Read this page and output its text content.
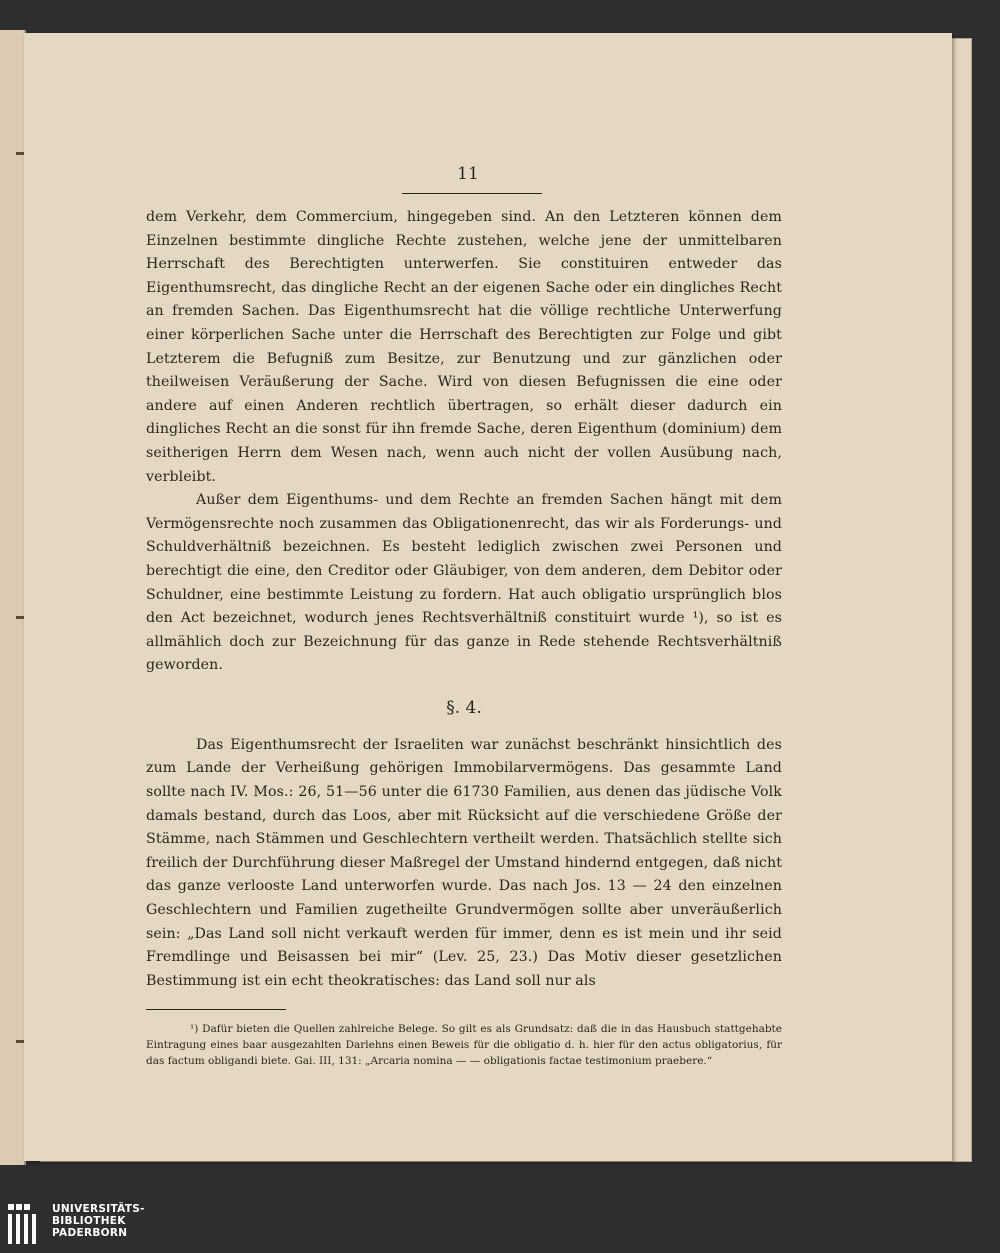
11

dem Verkehr, dem Commercium, hingegeben sind. An den Letzteren können dem Einzelnen bestimmte dingliche Rechte zustehen, welche jene der unmittelbaren Herrschaft des Berechtigten unterwerfen. Sie constituiren entweder das Eigenthumsrecht, das dingliche Recht an der eigenen Sache oder ein dingliches Recht an fremden Sachen. Das Eigenthumsrecht hat die völlige rechtliche Unterwerfung einer körperlichen Sache unter die Herrschaft des Berechtigten zur Folge und gibt Letzterem die Befugniß zum Besitze, zur Benutzung und zur gänzlichen oder theilweisen Veräußerung der Sache. Wird von diesen Befugnissen die eine oder andere auf einen Anderen rechtlich übertragen, so erhält dieser dadurch ein dingliches Recht an die sonst für ihn fremde Sache, deren Eigenthum (dominium) dem seitherigen Herrn dem Wesen nach, wenn auch nicht der vollen Ausübung nach, verbleibt.

Außer dem Eigenthums- und dem Rechte an fremden Sachen hängt mit dem Vermögensrechte noch zusammen das Obligationenrecht, das wir als Forderungs- und Schuldverhältniß bezeichnen. Es besteht lediglich zwischen zwei Personen und berechtigt die eine, den Creditor oder Gläubiger, von dem anderen, dem Debitor oder Schuldner, eine bestimmte Leistung zu fordern. Hat auch obligatio ursprünglich blos den Act bezeichnet, wodurch jenes Rechtsverhältniß constituirt wurde ¹), so ist es allmählich doch zur Bezeichnung für das ganze in Rede stehende Rechtsverhältniß geworden.

§. 4.

Das Eigenthumsrecht der Israeliten war zunächst beschränkt hinsichtlich des zum Lande der Verheißung gehörigen Immobilarvermögens. Das gesammte Land sollte nach IV. Mos.: 26, 51—56 unter die 61730 Familien, aus denen das jüdische Volk damals bestand, durch das Loos, aber mit Rücksicht auf die verschiedene Größe der Stämme, nach Stämmen und Geschlechtern vertheilt werden. Thatsächlich stellte sich freilich der Durchführung dieser Maßregel der Umstand hindernd entgegen, daß nicht das ganze verlooste Land unterworfen wurde. Das nach Jos. 13 — 24 den einzelnen Geschlechtern und Familien zugetheilte Grundvermögen sollte aber unveräußerlich sein: „Das Land soll nicht verkauft werden für immer, denn es ist mein und ihr seid Fremdlinge und Beisassen bei mir“ (Lev. 25, 23.) Das Motiv dieser gesetzlichen Bestimmung ist ein echt theokratisches: das Land soll nur als

¹) Dafür bieten die Quellen zahlreiche Belege. So gilt es als Grundsatz: daß die in das Hausbuch stattgehabte Eintragung eines baar ausgezahlten Darlehns einen Beweis für die obligatio d. h. hier für den actus obligatorius, für das factum obligandi biete. Gai. III, 131: „Arcaria nomina — — obligationis factae testimonium praebere.“

UNIVERSITÄTS-
BIBLIOTHEK
PADERBORN
